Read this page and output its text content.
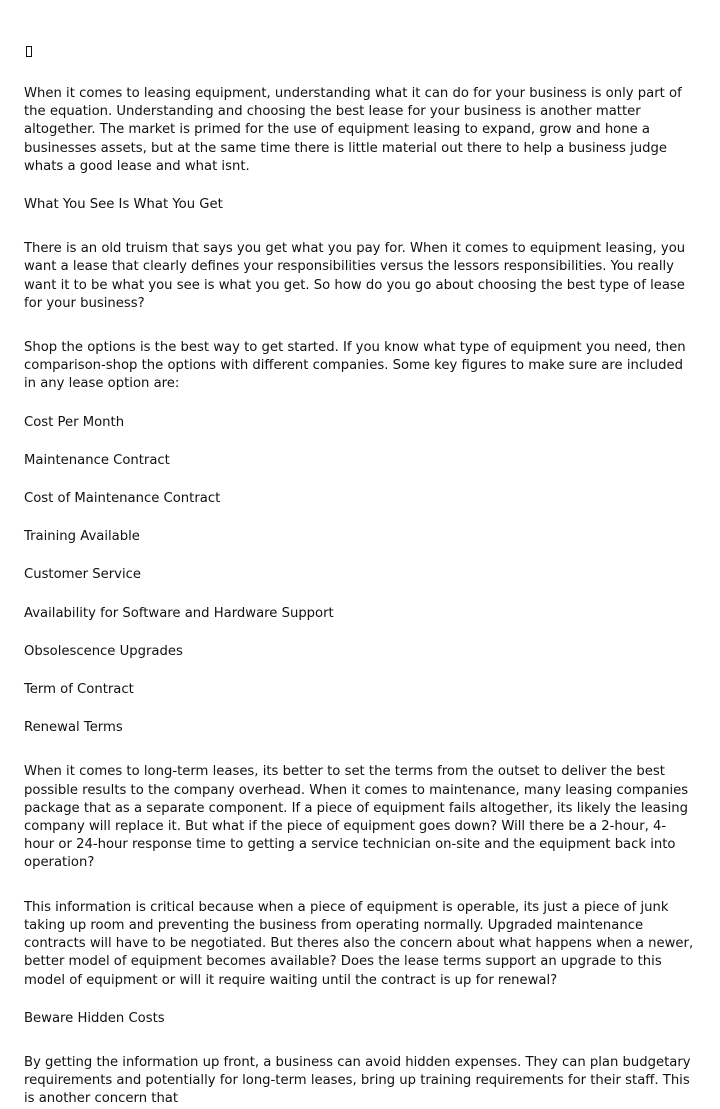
When it comes to leasing equipment, understanding what it can do for your business is only part of the equation. Understanding and choosing the best lease for your business is another matter altogether. The market is primed for the use of equipment leasing to expand, grow and hone a businesses assets, but at the same time there is little material out there to help a business judge whats a good lease and what isnt.

What You See Is What You Get

There is an old truism that says you get what you pay for. When it comes to equipment leasing, you want a lease that clearly defines your responsibilities versus the lessors responsibilities. You really want it to be what you see is what you get. So how do you go about choosing the best type of lease for your business?

Shop the options is the best way to get started. If you know what type of equipment you need, then comparison-shop the options with different companies. Some key figures to make sure are included in any lease option are:

Cost Per Month

Maintenance Contract

Cost of Maintenance Contract

Training Available

Customer Service

Availability for Software and Hardware Support

Obsolescence Upgrades

Term of Contract

Renewal Terms

When it comes to long-term leases, its better to set the terms from the outset to deliver the best possible results to the company overhead. When it comes to maintenance, many leasing companies package that as a separate component. If a piece of equipment fails altogether, its likely the leasing company will replace it. But what if the piece of equipment goes down? Will there be a 2-hour, 4-hour or 24-hour response time to getting a service technician on-site and the equipment back into operation?

This information is critical because when a piece of equipment is operable, its just a piece of junk taking up room and preventing the business from operating normally. Upgraded maintenance contracts will have to be negotiated. But theres also the concern about what happens when a newer, better model of equipment becomes available? Does the lease terms support an upgrade to this model of equipment or will it require waiting until the contract is up for renewal?

Beware Hidden Costs

By getting the information up front, a business can avoid hidden expenses. They can plan budgetary requirements and potentially for long-term leases, bring up training requirements for their staff. This is another concern that
